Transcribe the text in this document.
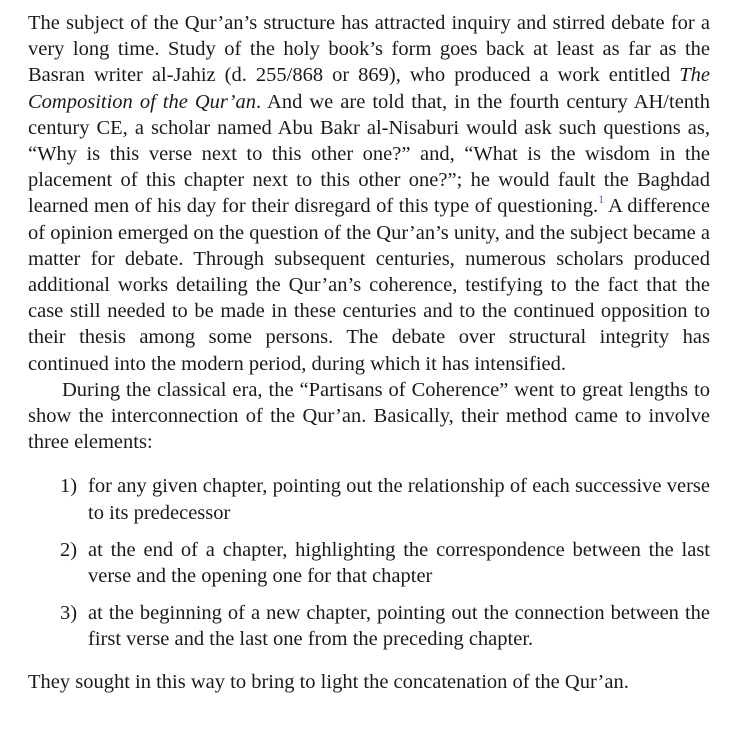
The subject of the Qur’an’s structure has attracted inquiry and stirred debate for a very long time. Study of the holy book’s form goes back at least as far as the Basran writer al-Jahiz (d. 255/868 or 869), who produced a work entitled The Composition of the Qur’an. And we are told that, in the fourth century AH/tenth century CE, a scholar named Abu Bakr al-Nisaburi would ask such questions as, “Why is this verse next to this other one?” and, “What is the wisdom in the placement of this chapter next to this other one?”; he would fault the Baghdad learned men of his day for their disregard of this type of questioning.$^1$ A difference of opinion emerged on the question of the Qur’an’s unity, and the subject became a matter for debate. Through subsequent centuries, numerous scholars produced additional works detailing the Qur’an’s coherence, testifying to the fact that the case still needed to be made in these centuries and to the continued opposition to their thesis among some persons. The debate over structural integrity has continued into the modern period, during which it has intensified.

During the classical era, the “Partisans of Coherence” went to great lengths to show the interconnection of the Qur’an. Basically, their method came to involve three elements:

1) for any given chapter, pointing out the relationship of each successive verse to its predecessor
2) at the end of a chapter, highlighting the correspondence between the last verse and the opening one for that chapter
3) at the beginning of a new chapter, pointing out the connection between the first verse and the last one from the preceding chapter.

They sought in this way to bring to light the concatenation of the Qur’an.
